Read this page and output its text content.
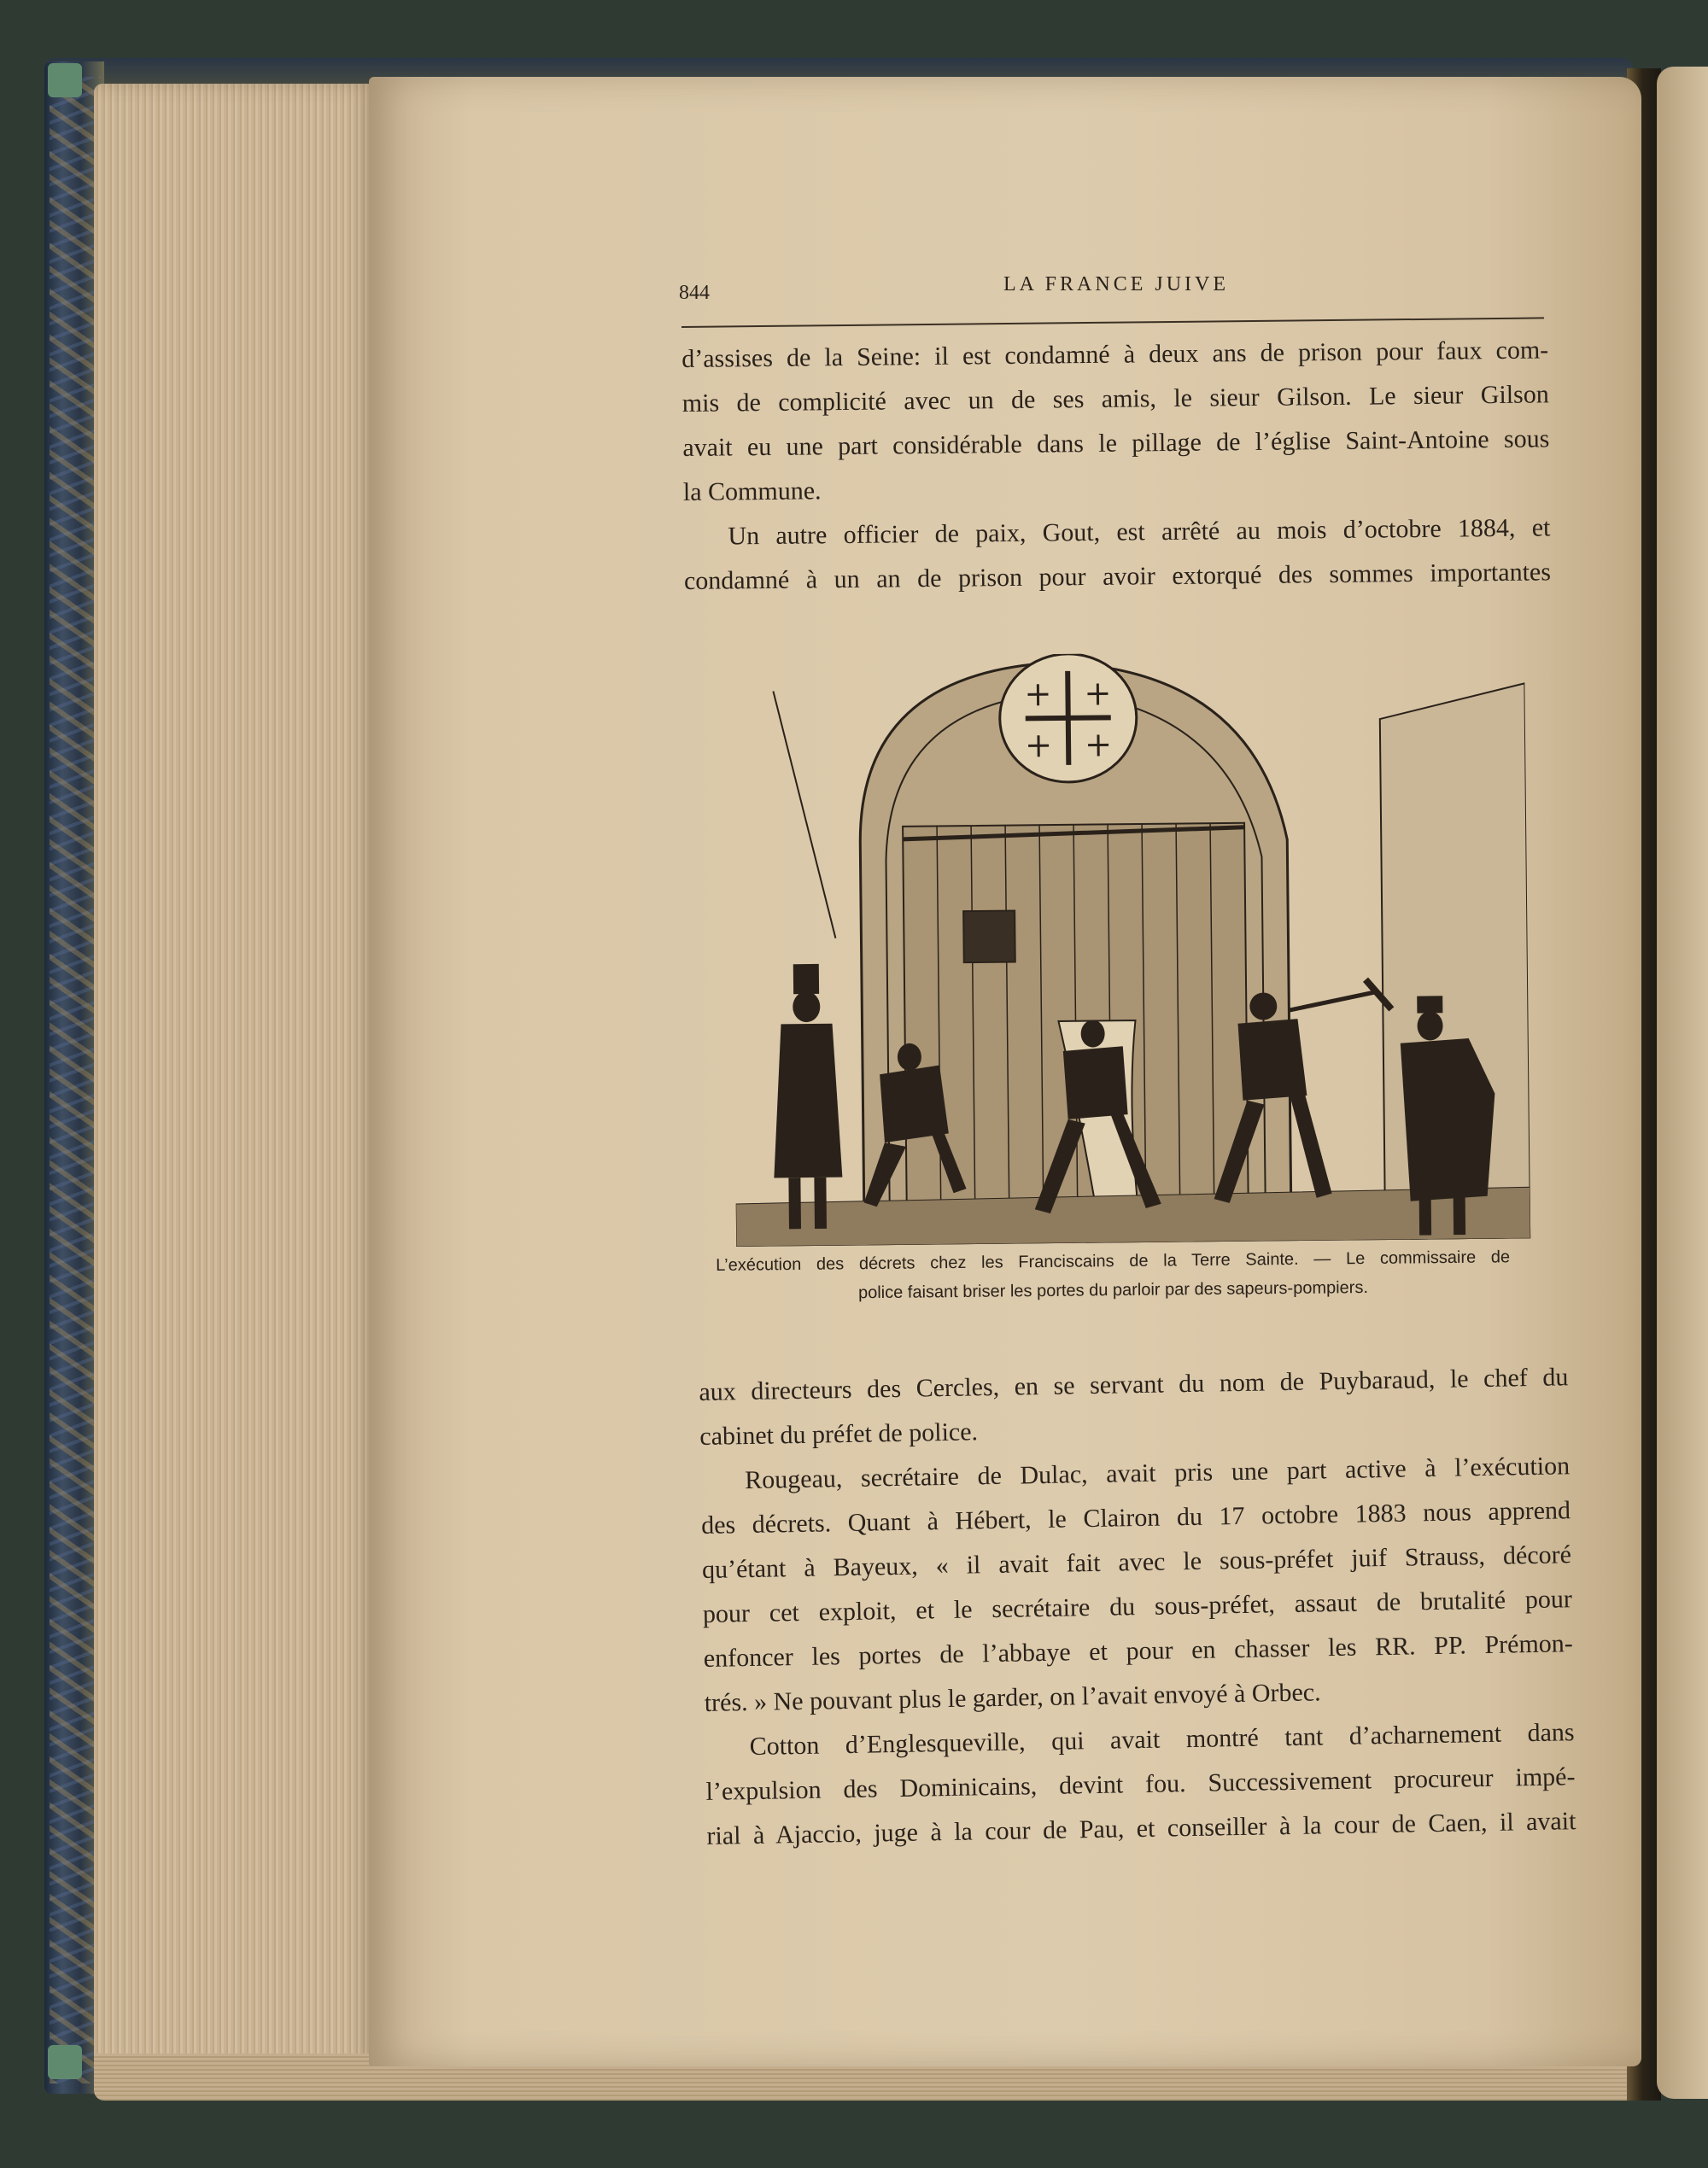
844	LA FRANCE JUIVE
d’assises de la Seine: il est condamné à deux ans de prison pour faux com-
mis de complicité avec un de ses amis, le sieur Gilson. Le sieur Gilson
avait eu une part considérable dans le pillage de l’église Saint-Antoine sous
la Commune.
Un autre officier de paix, Gout, est arrêté au mois d’octobre 1884, et
condamné à un an de prison pour avoir extorqué des sommes importantes
L’exécution des décrets chez les Franciscains de la Terre Sainte. — Le commissaire de
police faisant briser les portes du parloir par des sapeurs-pompiers.
aux directeurs des Cercles, en se servant du nom de Puybaraud, le chef du
cabinet du préfet de police.
Rougeau, secrétaire de Dulac, avait pris une part active à l’exécution
des décrets. Quant à Hébert, le Clairon du 17 octobre 1883 nous apprend
qu’étant à Bayeux, « il avait fait avec le sous-préfet juif Strauss, décoré
pour cet exploit, et le secrétaire du sous-préfet, assaut de brutalité pour
enfoncer les portes de l’abbaye et pour en chasser les RR. PP. Prémon-
trés. » Ne pouvant plus le garder, on l’avait envoyé à Orbec.
Cotton d’Englesqueville, qui avait montré tant d’acharnement dans
l’expulsion des Dominicains, devint fou. Successivement procureur impé-
rial à Ajaccio, juge à la cour de Pau, et conseiller à la cour de Caen, il avait
